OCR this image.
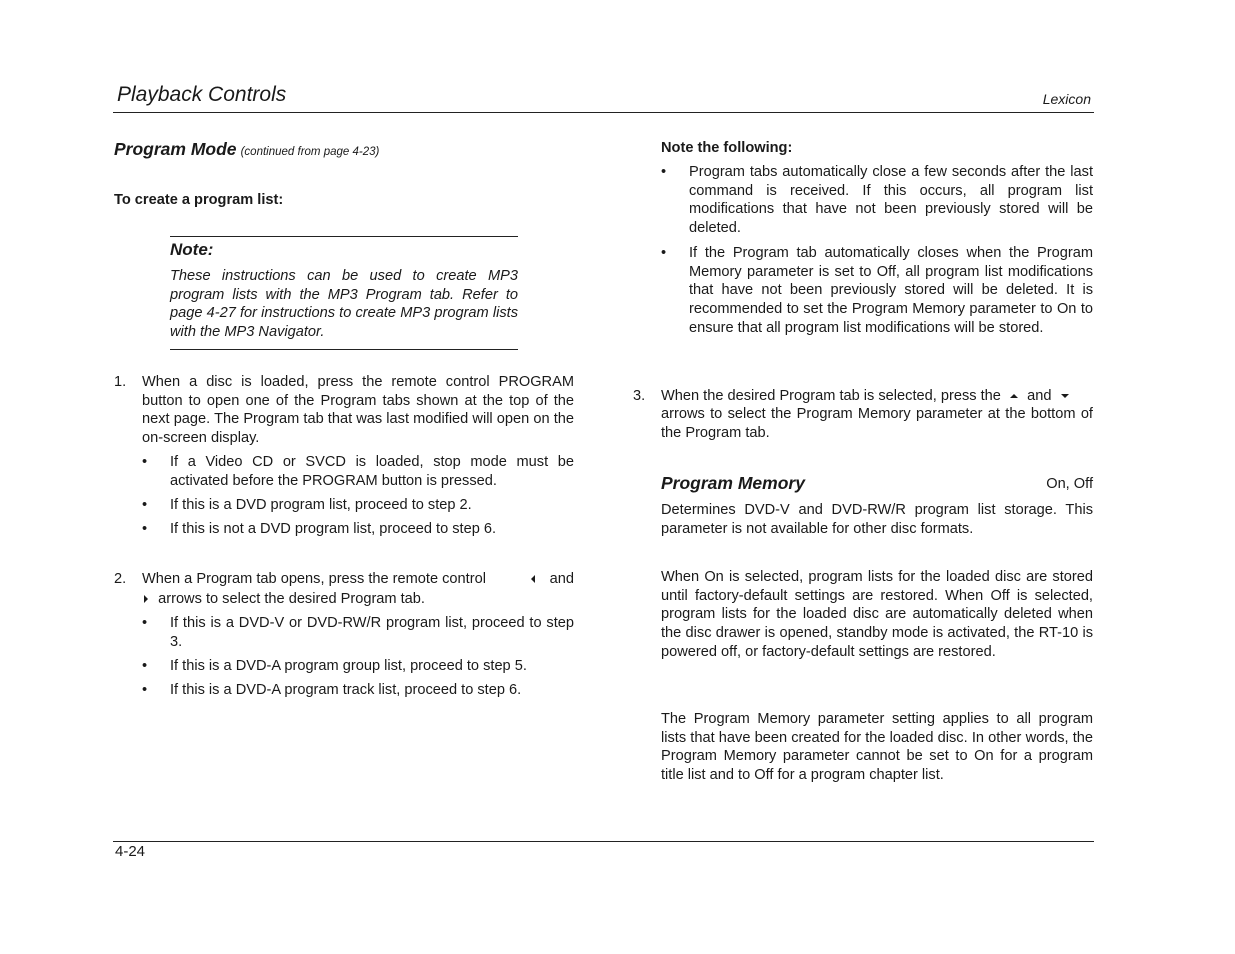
Playback Controls	Lexicon
Program Mode (continued from page 4-23)
To create a program list:
Note:
These instructions can be used to create MP3 program lists with the MP3 Program tab. Refer to page 4-27 for instructions to create MP3 program lists with the MP3 Navigator.
1. When a disc is loaded, press the remote control PROGRAM button to open one of the Program tabs shown at the top of the next page. The Program tab that was last modified will open on the on-screen display.
• If a Video CD or SVCD is loaded, stop mode must be activated before the PROGRAM button is pressed.
• If this is a DVD program list, proceed to step 2.
• If this is not a DVD program list, proceed to step 6.
2. When a Program tab opens, press the remote control	and
arrows to select the desired Program tab.
• If this is a DVD-V or DVD-RW/R program list, proceed to step 3.
• If this is a DVD-A program group list, proceed to step 5.
• If this is a DVD-A program track list, proceed to step 6.
Note the following:
• Program tabs automatically close a few seconds after the last command is received. If this occurs, all program list modifications that have not been previously stored will be deleted.
• If the Program tab automatically closes when the Program Memory parameter is set to Off, all program list modifications that have not been previously stored will be deleted. It is recommended to set the Program Memory parameter to On to ensure that all program list modifications will be stored.
3. When the desired Program tab is selected, press the and
arrows to select the Program Memory parameter at the bottom of the Program tab.
Program Memory	On, Off
Determines DVD-V and DVD-RW/R program list storage. This parameter is not available for other disc formats.
When On is selected, program lists for the loaded disc are stored until factory-default settings are restored. When Off is selected, program lists for the loaded disc are automatically deleted when the disc drawer is opened, standby mode is activated, the RT-10 is powered off, or factory-default settings are restored.
The Program Memory parameter setting applies to all program lists that have been created for the loaded disc. In other words, the Program Memory parameter cannot be set to On for a program title list and to Off for a program chapter list.
4-24
